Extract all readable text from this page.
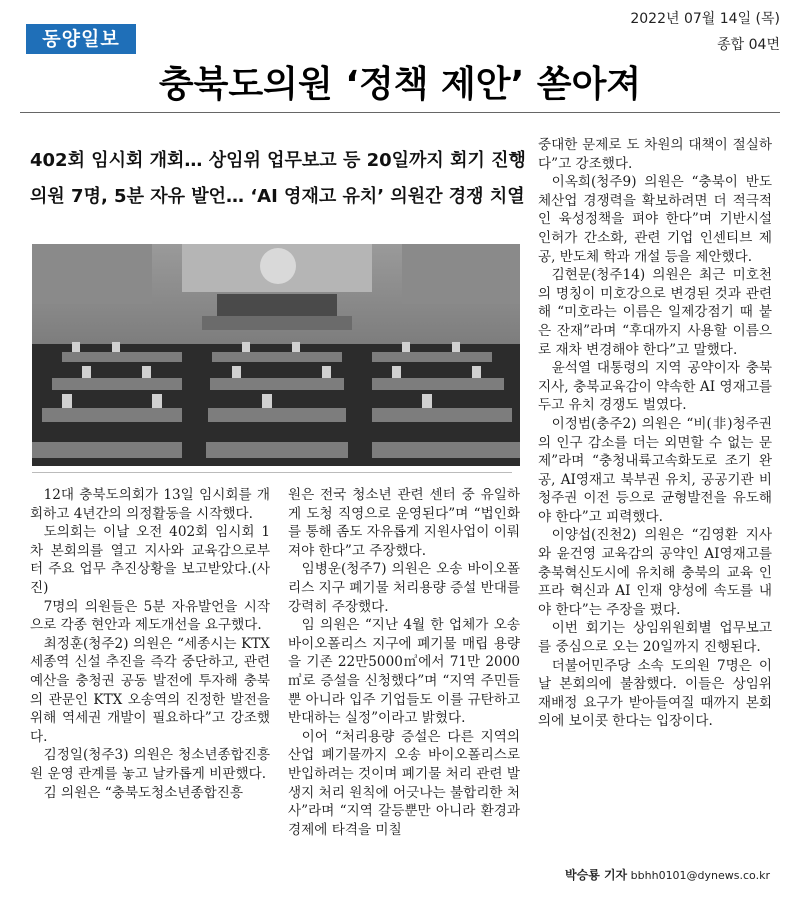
동양일보
2022년 07월 14일 (목)
종합 04면
충북도의원 ‘정책 제안’ 쏟아져
402회 임시회 개회… 상임위 업무보고 등 20일까지 회기 진행
의원 7명, 5분 자유 발언… ‘AI 영재고 유치’ 의원간 경쟁 치열

12대 충북도의회가 13일 임시회를 개회하고 4년간의 의정활동을 시작했다.

도의회는 이날 오전 402회 임시회 1차 본회의를 열고 지사와 교육감으로부터 주요 업무 추진상황을 보고받았다.(사진)

7명의 의원들은 5분 자유발언을 시작으로 각종 현안과 제도개선을 요구했다.

최정훈(청주2) 의원은 “세종시는 KTX 세종역 신설 추진을 즉각 중단하고, 관련 예산을 충청권 공동 발전에 투자해 충북의 관문인 KTX 오송역의 진정한 발전을 위해 역세권 개발이 필요하다”고 강조했다.

김정일(청주3) 의원은 청소년종합진흥원 운영 관계를 놓고 날카롭게 비판했다.

김 의원은 “충북도청소년종합진흥

원은 전국 청소년 관련 센터 중 유일하게 도청 직영으로 운영된다”며 “법인화를 통해 좀도 자유롭게 지원사업이 이뤄져야 한다”고 주장했다.

임병운(청주7) 의원은 오송 바이오폴리스 지구 폐기물 처리용량 증설 반대를 강력히 주장했다.

임 의원은 “지난 4월 한 업체가 오송 바이오폴리스 지구에 폐기물 매립 용량을 기존 22만5000㎥에서 71만 2000㎥로 증설을 신청했다”며 “지역 주민들뿐 아니라 입주 기업들도 이를 규탄하고 반대하는 실정”이라고 밝혔다.

이어 “처리용량 증설은 다른 지역의 산업 폐기물까지 오송 바이오폴리스로 반입하려는 것이며 폐기물 처리 관련 발생지 처리 원칙에 어긋나는 불합리한 처사”라며 “지역 갈등뿐만 아니라 환경과 경제에 타격을 미칠

중대한 문제로 도 차원의 대책이 절실하다”고 강조했다.

이옥희(청주9) 의원은 “충북이 반도체산업 경쟁력을 확보하려면 더 적극적인 육성정책을 펴야 한다”며 기반시설 인허가 간소화, 관련 기업 인센티브 제공, 반도체 학과 개설 등을 제안했다.

김현문(청주14) 의원은 최근 미호천의 명칭이 미호강으로 변경된 것과 관련해 “미호라는 이름은 일제강점기 때 붙은 잔재”라며 “후대까지 사용할 이름으로 재차 변경해야 한다”고 말했다.

윤석열 대통령의 지역 공약이자 충북지사, 충북교육감이 약속한 AI 영재고를 두고 유치 경쟁도 벌였다.

이정범(충주2) 의원은 “비(非)청주권의 인구 감소를 더는 외면할 수 없는 문제”라며 “충청내륙고속화도로 조기 완공, AI영재고 북부권 유치, 공공기관 비청주권 이전 등으로 균형발전을 유도해야 한다”고 피력했다.

이양섭(진천2) 의원은 “김영환 지사와 윤건영 교육감의 공약인 AI영재고를 충북혁신도시에 유치해 충북의 교육 인프라 혁신과 AI 인재 양성에 속도를 내야 한다”는 주장을 폈다.

이번 회기는 상임위원회별 업무보고를 중심으로 오는 20일까지 진행된다.

더불어민주당 소속 도의원 7명은 이날 본회의에 불참했다. 이들은 상임위 재배정 요구가 받아들여질 때까지 본회의에 보이콧 한다는 입장이다.

박승룡 기자 bbhh0101@dynews.co.kr
